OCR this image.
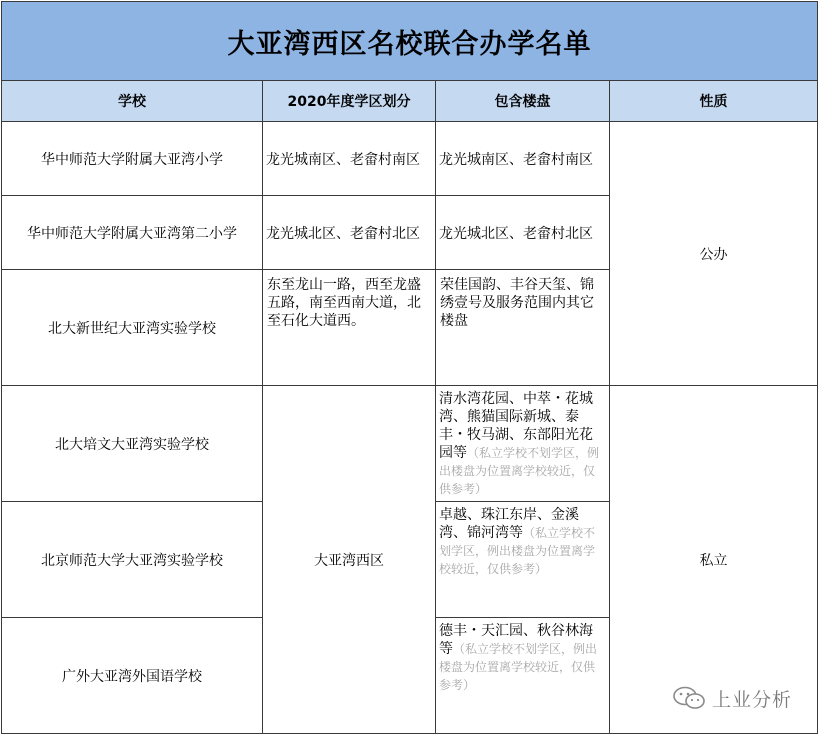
大亚湾西区名校联合办学名单			
学校	2020年度学区划分	包含楼盘	性质
华中师范大学附属大亚湾小学	龙光城南区、老畲村南区	龙光城南区、老畲村南区	公办
华中师范大学附属大亚湾第二小学	龙光城北区、老畲村北区	龙光城北区、老畲村北区	
北大新世纪大亚湾实验学校	东至龙山一路，西至龙盛五路，南至西南大道，北至石化大道西。	荣佳国韵、丰谷天玺、锦绣壹号及服务范围内其它楼盘	
北大培文大亚湾实验学校	大亚湾西区	清水湾花园、中萃・花城湾、熊猫国际新城、泰丰・牧马湖、东部阳光花园等（私立学校不划学区，例出楼盘为位置离学校较近，仅供参考）	私立
北京师范大学大亚湾实验学校		卓越、珠江东岸、金溪湾、锦河湾等（私立学校不划学区，例出楼盘为位置离学校较近，仅供参考）	
广外大亚湾外国语学校		德丰・天汇园、秋谷林海等（私立学校不划学区，例出楼盘为位置离学校较近，仅供参考）	
上业分析
